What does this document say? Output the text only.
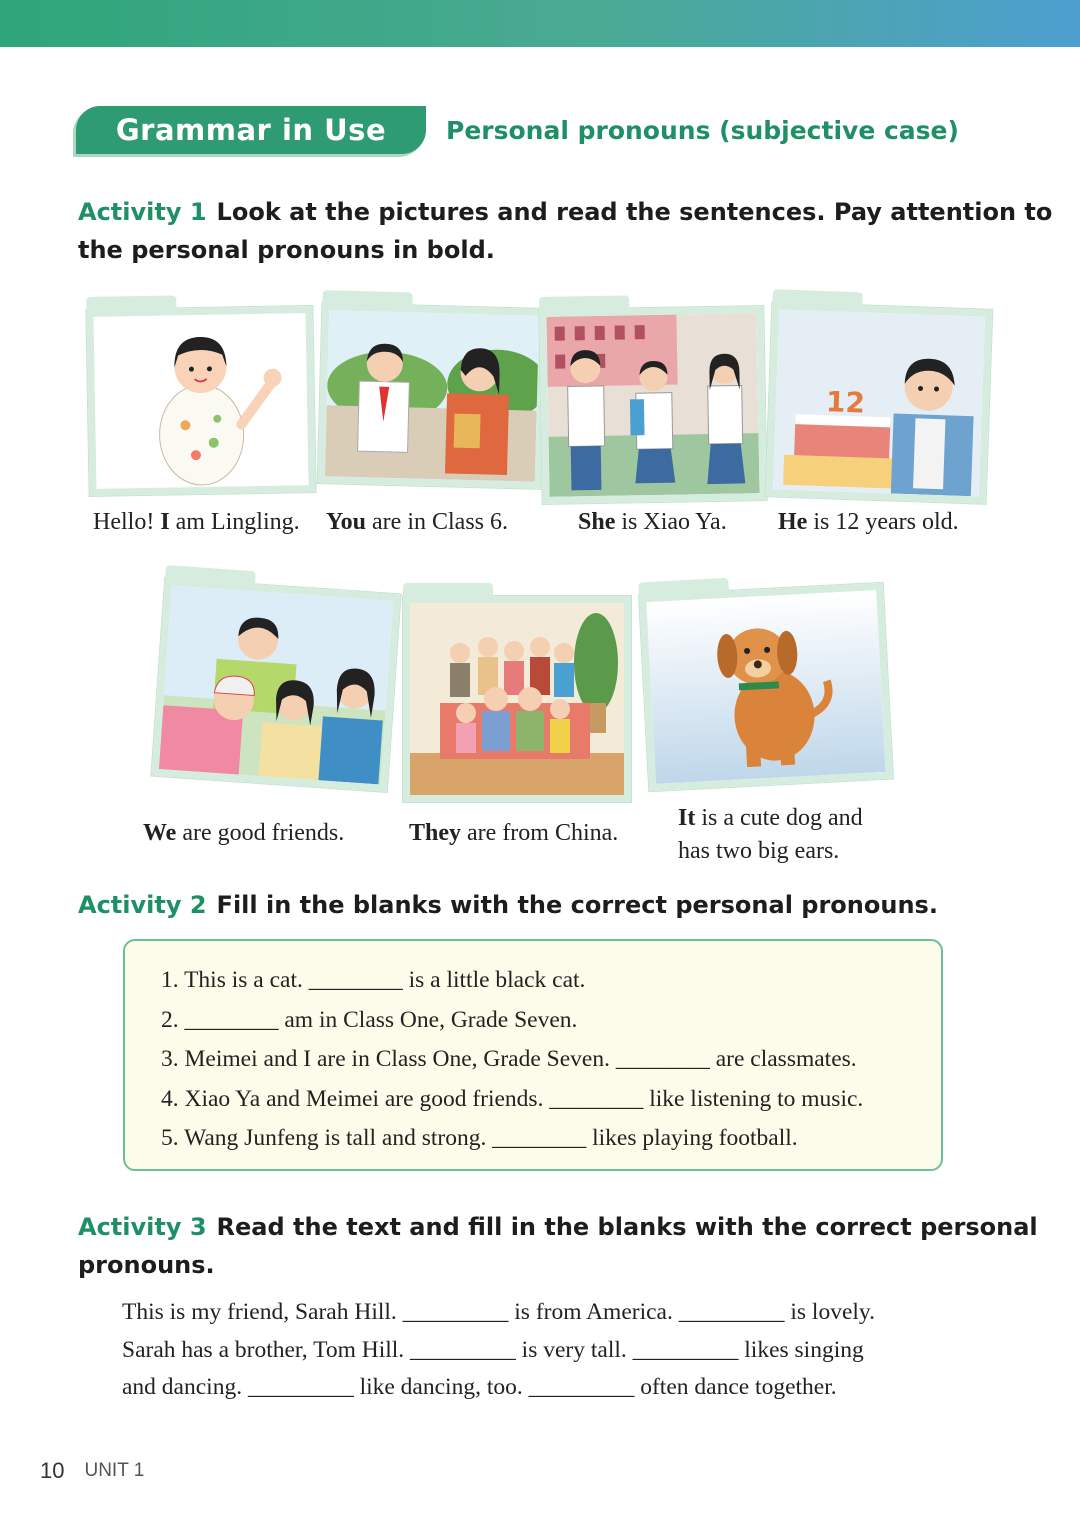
Grammar in Use Personal pronouns (subjective case)
Activity 1 Look at the pictures and read the sentences. Pay attention to
the personal pronouns in bold.
12
Hello! I am Lingling. You are in Class 6.	She is Xiao Ya. He is 12 years old.
We are good friends.	They are from China.
It is a cute dog and
has two big ears.
Activity 2 Fill in the blanks with the correct personal pronouns.
1. This is a cat. ________ is a little black cat.
2. ________ am in Class One, Grade Seven.
3. Meimei and I are in Class One, Grade Seven. ________ are classmates.
4. Xiao Ya and Meimei are good friends. ________ like listening to music.
5. Wang Junfeng is tall and strong. ________ likes playing football.
Activity 3 Read the text and fill in the blanks with the correct personal
pronouns.

This is my friend, Sarah Hill. _________ is from America. _________ is lovely.

Sarah has a brother, Tom Hill. _________ is very tall. _________ likes singing

and dancing. _________ like dancing, too. _________ often dance together.

10 UNIT 1
